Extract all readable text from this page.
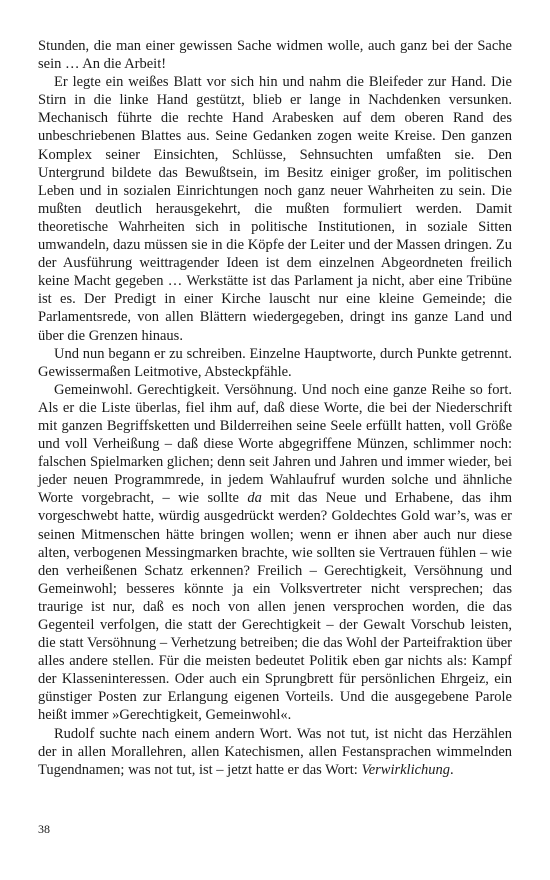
Stunden, die man einer gewissen Sache widmen wolle, auch ganz bei der Sache sein … An die Arbeit!

Er legte ein weißes Blatt vor sich hin und nahm die Bleifeder zur Hand. Die Stirn in die linke Hand gestützt, blieb er lange in Nachdenken versunken. Mechanisch führte die rechte Hand Arabesken auf dem oberen Rand des unbeschriebenen Blattes aus. Seine Gedanken zogen weite Kreise. Den ganzen Komplex seiner Einsichten, Schlüsse, Sehnsuchten umfaßten sie. Den Untergrund bildete das Bewußtsein, im Besitz einiger großer, im politischen Leben und in sozialen Einrichtungen noch ganz neuer Wahrheiten zu sein. Die mußten deutlich herausgekehrt, die mußten formuliert werden. Damit theoretische Wahrheiten sich in politische Institutionen, in soziale Sitten umwandeln, dazu müssen sie in die Köpfe der Leiter und der Massen dringen. Zu der Ausführung weittragender Ideen ist dem einzelnen Abgeordneten freilich keine Macht gegeben … Werkstätte ist das Parlament ja nicht, aber eine Tribüne ist es. Der Predigt in einer Kirche lauscht nur eine kleine Gemeinde; die Parlamentsrede, von allen Blättern wiedergegeben, dringt ins ganze Land und über die Grenzen hinaus.

Und nun begann er zu schreiben. Einzelne Hauptworte, durch Punkte getrennt. Gewissermaßen Leitmotive, Absteckpfähle.

Gemeinwohl. Gerechtigkeit. Versöhnung. Und noch eine ganze Reihe so fort. Als er die Liste überlas, fiel ihm auf, daß diese Worte, die bei der Niederschrift mit ganzen Begriffsketten und Bilderreihen seine Seele erfüllt hatten, voll Größe und voll Verheißung – daß diese Worte abgegriffene Münzen, schlimmer noch: falschen Spielmarken glichen; denn seit Jahren und Jahren und immer wieder, bei jeder neuen Programmrede, in jedem Wahlaufruf wurden solche und ähnliche Worte vorgebracht, – wie sollte da mit das Neue und Erhabene, das ihm vorgeschwebt hatte, würdig ausgedrückt werden? Goldechtes Gold war’s, was er seinen Mitmenschen hätte bringen wollen; wenn er ihnen aber auch nur diese alten, verbogenen Messingmarken brachte, wie sollten sie Vertrauen fühlen – wie den verheißenen Schatz erkennen? Freilich – Gerechtigkeit, Versöhnung und Gemeinwohl; besseres könnte ja ein Volksvertreter nicht versprechen; das traurige ist nur, daß es noch von allen jenen versprochen worden, die das Gegenteil verfolgen, die statt der Gerechtigkeit – der Gewalt Vorschub leisten, die statt Versöhnung – Verhetzung betreiben; die das Wohl der Parteifraktion über alles andere stellen. Für die meisten bedeutet Politik eben gar nichts als: Kampf der Klasseninteressen. Oder auch ein Sprungbrett für persönlichen Ehrgeiz, ein günstiger Posten zur Erlangung eigenen Vorteils. Und die ausgegebene Parole heißt immer »Gerechtigkeit, Gemeinwohl«.

Rudolf suchte nach einem andern Wort. Was not tut, ist nicht das Herzählen der in allen Morallehren, allen Katechismen, allen Festansprachen wimmelnden Tugendnamen; was not tut, ist – jetzt hatte er das Wort: Verwirklichung.

38
